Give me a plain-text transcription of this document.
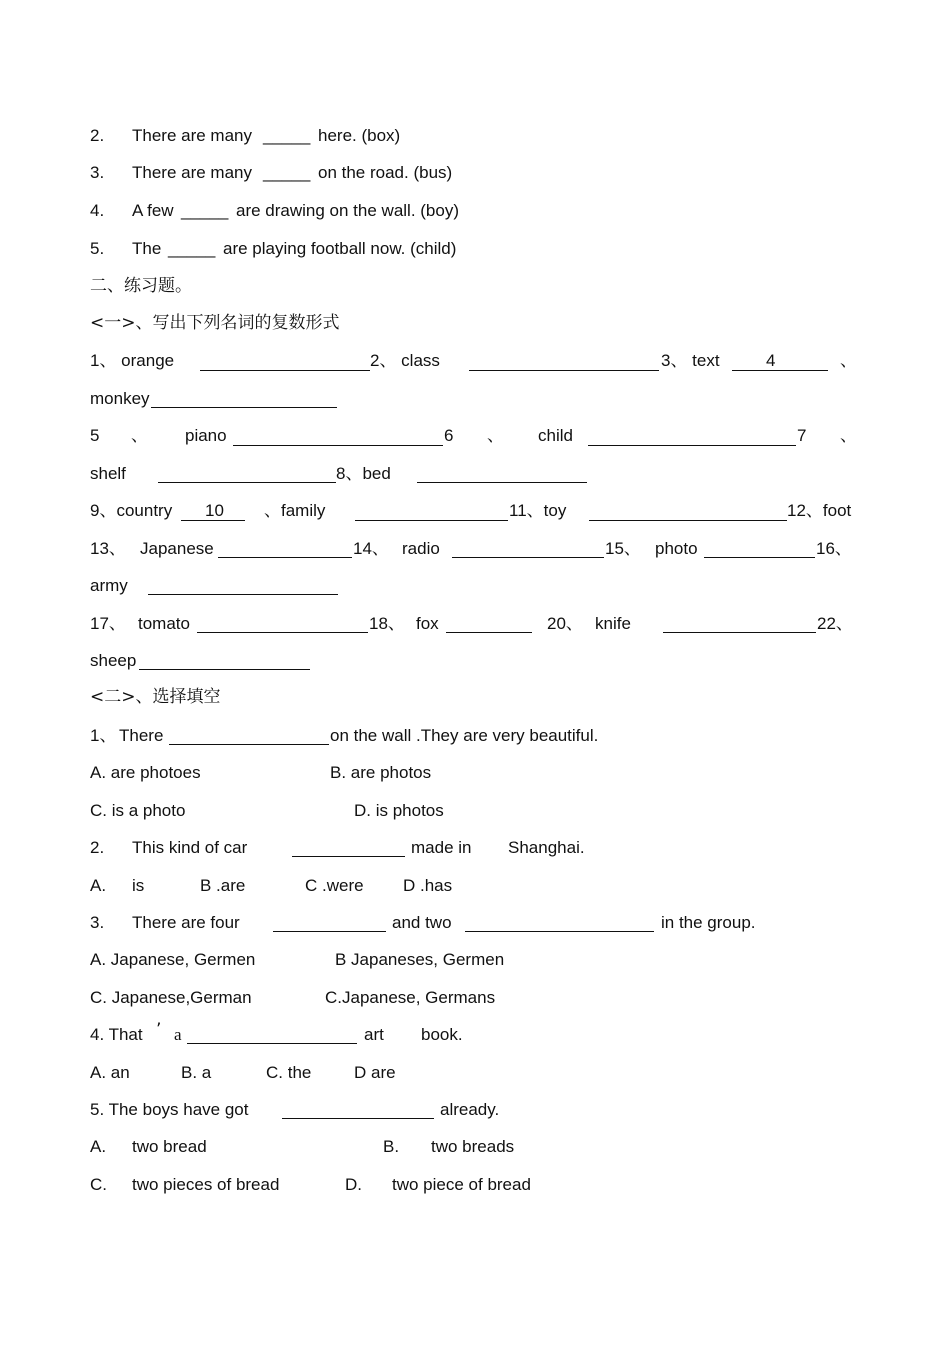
2. There are many _____ here. (box)
3. There are many _____ on the road. (bus)
4. A few _____ are drawing on the wall. (boy)
5. The _____ are playing football now. (child)
二、练习题。
<一>、写出下列名词的复数形式
1、 orange	2、 class	3、 text	4	、
monkey
5 、 piano	6 、 child	7 、
shelf	8、bed
9、country 10 、family	11、toy	12、foot
13、 Japanese	14、 radio	15、 photo	16、
army
17、 tomato	18、 fox	20、 knife	22、
sheep
<二>、选择填空
1、 There	on the wall .They are very beautiful.
A. are photoes	B. are photos
C. is a photo	D. is photos
2. This kind of car	made in Shanghai.
A. is	B .are	C .were D .has
3. There are four	and two	in the group.
A. Japanese, Germen	B Japaneses, Germen
C. Japanese,German	C.Japanese, Germans
4. That ’ a	art book.
A. an	B. a	C. the	D are
5. The boys have got	already.
A. two bread	B. two breads
C. two pieces of bread	D. two piece of bread
